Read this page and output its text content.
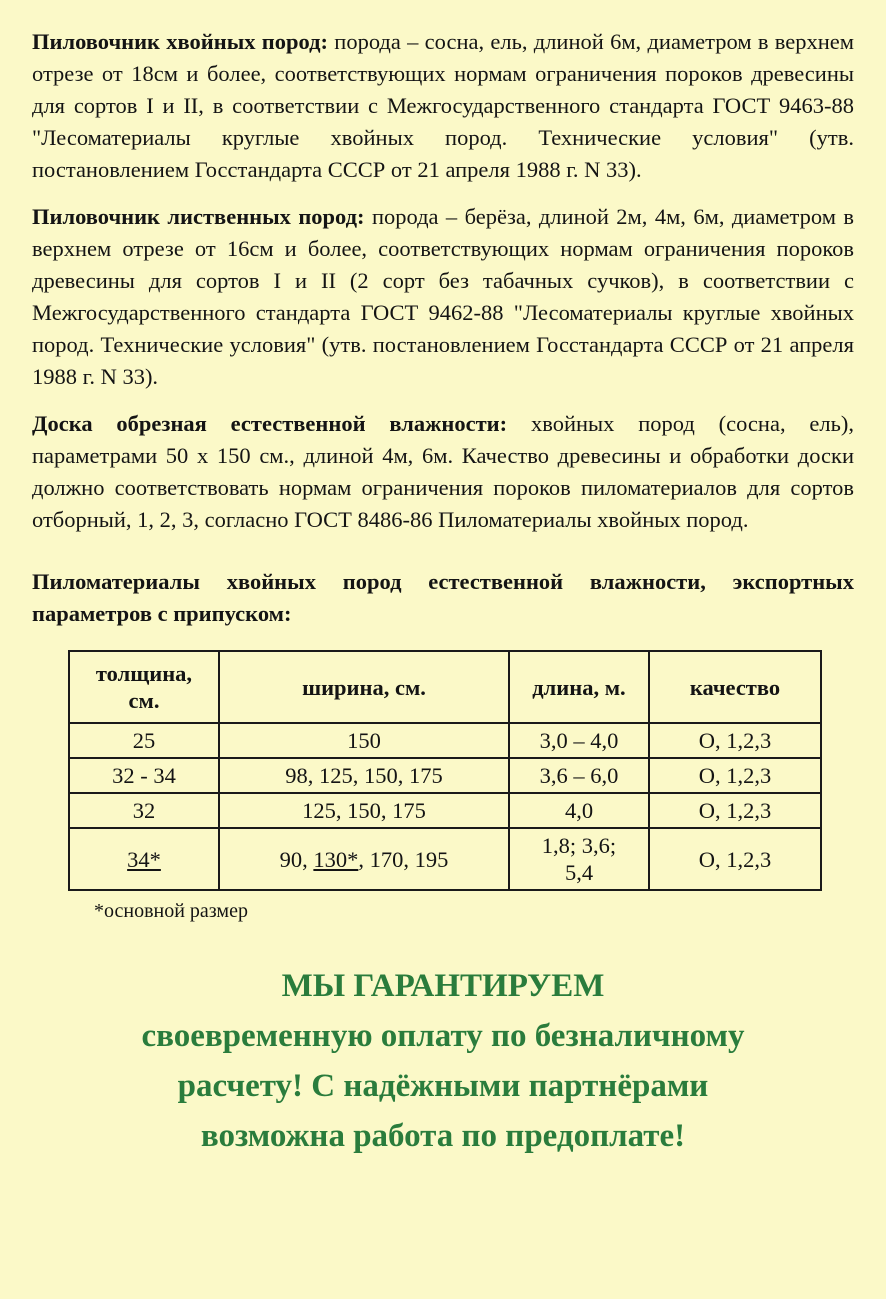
Пиловочник хвойных пород: порода – сосна, ель, длиной 6м, диаметром в верхнем отрезе от 18см и более, соответствующих нормам ограничения пороков древесины для сортов I и II, в соответствии с Межгосударственного стандарта ГОСТ 9463-88 "Лесоматериалы круглые хвойных пород. Технические условия" (утв. постановлением Госстандарта СССР от 21 апреля 1988 г. N 33).

Пиловочник лиственных пород: порода – берёза, длиной 2м, 4м, 6м, диаметром в верхнем отрезе от 16см и более, соответствующих нормам ограничения пороков древесины для сортов I и II (2 сорт без табачных сучков), в соответствии с Межгосударственного стандарта ГОСТ 9462-88 "Лесоматериалы круглые хвойных пород. Технические условия" (утв. постановлением Госстандарта СССР от 21 апреля 1988 г. N 33).

Доска обрезная естественной влажности: хвойных пород (сосна, ель), параметрами 50 х 150 см., длиной 4м, 6м. Качество древесины и обработки доски должно соответствовать нормам ограничения пороков пиломатериалов для сортов отборный, 1, 2, 3, согласно ГОСТ 8486-86 Пиломатериалы хвойных пород.

Пиломатериалы хвойных пород естественной влажности, экспортных параметров с припуском:

толщина,
см.	ширина, см.	длина, м.	качество
25	150	3,0 – 4,0	О, 1,2,3
32 - 34	98, 125, 150, 175	3,6 – 6,0	О, 1,2,3
32	125, 150, 175	4,0	О, 1,2,3
34*	90, 130*, 170, 195	1,8; 3,6;
5,4	О, 1,2,3

*основной размер

МЫ ГАРАНТИРУЕМ
своевременную оплату по безналичному
расчету! С надёжными партнёрами
возможна работа по предоплате!
